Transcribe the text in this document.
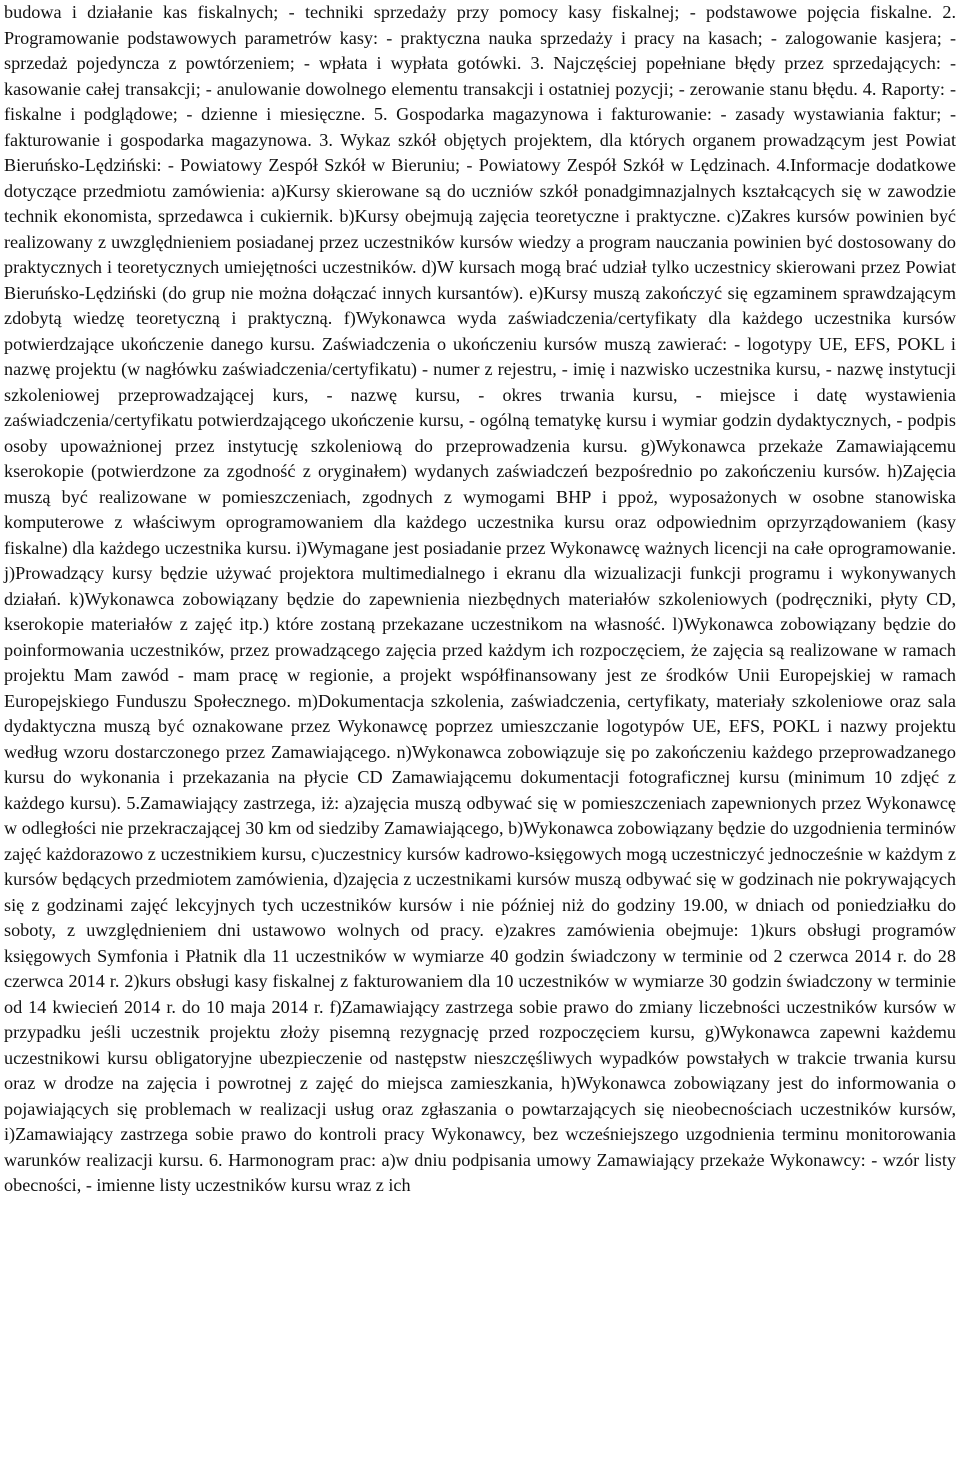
budowa i działanie kas fiskalnych; - techniki sprzedaży przy pomocy kasy fiskalnej; - podstawowe pojęcia fiskalne. 2. Programowanie podstawowych parametrów kasy: - praktyczna nauka sprzedaży i pracy na kasach; - zalogowanie kasjera; - sprzedaż pojedyncza z powtórzeniem; - wpłata i wypłata gotówki. 3. Najczęściej popełniane błędy przez sprzedających: - kasowanie całej transakcji; - anulowanie dowolnego elementu transakcji i ostatniej pozycji; - zerowanie stanu błędu. 4. Raporty: - fiskalne i podglądowe; - dzienne i miesięczne. 5. Gospodarka magazynowa i fakturowanie: - zasady wystawiania faktur; - fakturowanie i gospodarka magazynowa. 3. Wykaz szkół objętych projektem, dla których organem prowadzącym jest Powiat Bieruńsko-Lędziński: - Powiatowy Zespół Szkół w Bieruniu; - Powiatowy Zespół Szkół w Lędzinach. 4.Informacje dodatkowe dotyczące przedmiotu zamówienia: a)Kursy skierowane są do uczniów szkół ponadgimnazjalnych kształcących się w zawodzie technik ekonomista, sprzedawca i cukiernik. b)Kursy obejmują zajęcia teoretyczne i praktyczne. c)Zakres kursów powinien być realizowany z uwzględnieniem posiadanej przez uczestników kursów wiedzy a program nauczania powinien być dostosowany do praktycznych i teoretycznych umiejętności uczestników. d)W kursach mogą brać udział tylko uczestnicy skierowani przez Powiat Bieruńsko-Lędziński (do grup nie można dołączać innych kursantów). e)Kursy muszą zakończyć się egzaminem sprawdzającym zdobytą wiedzę teoretyczną i praktyczną. f)Wykonawca wyda zaświadczenia/certyfikaty dla każdego uczestnika kursów potwierdzające ukończenie danego kursu. Zaświadczenia o ukończeniu kursów muszą zawierać: - logotypy UE, EFS, POKL i nazwę projektu (w nagłówku zaświadczenia/certyfikatu) - numer z rejestru, - imię i nazwisko uczestnika kursu, - nazwę instytucji szkoleniowej przeprowadzającej kurs, - nazwę kursu, - okres trwania kursu, - miejsce i datę wystawienia zaświadczenia/certyfikatu potwierdzającego ukończenie kursu, - ogólną tematykę kursu i wymiar godzin dydaktycznych, - podpis osoby upoważnionej przez instytucję szkoleniową do przeprowadzenia kursu. g)Wykonawca przekaże Zamawiającemu kserokopie (potwierdzone za zgodność z oryginałem) wydanych zaświadczeń bezpośrednio po zakończeniu kursów. h)Zajęcia muszą być realizowane w pomieszczeniach, zgodnych z wymogami BHP i ppoż, wyposażonych w osobne stanowiska komputerowe z właściwym oprogramowaniem dla każdego uczestnika kursu oraz odpowiednim oprzyrządowaniem (kasy fiskalne) dla każdego uczestnika kursu. i)Wymagane jest posiadanie przez Wykonawcę ważnych licencji na całe oprogramowanie. j)Prowadzący kursy będzie używać projektora multimedialnego i ekranu dla wizualizacji funkcji programu i wykonywanych działań. k)Wykonawca zobowiązany będzie do zapewnienia niezbędnych materiałów szkoleniowych (podręczniki, płyty CD, kserokopie materiałów z zajęć itp.) które zostaną przekazane uczestnikom na własność. l)Wykonawca zobowiązany będzie do poinformowania uczestników, przez prowadzącego zajęcia przed każdym ich rozpoczęciem, że zajęcia są realizowane w ramach projektu Mam zawód - mam pracę w regionie, a projekt współfinansowany jest ze środków Unii Europejskiej w ramach Europejskiego Funduszu Społecznego. m)Dokumentacja szkolenia, zaświadczenia, certyfikaty, materiały szkoleniowe oraz sala dydaktyczna muszą być oznakowane przez Wykonawcę poprzez umieszczanie logotypów UE, EFS, POKL i nazwy projektu według wzoru dostarczonego przez Zamawiającego. n)Wykonawca zobowiązuje się po zakończeniu każdego przeprowadzanego kursu do wykonania i przekazania na płycie CD Zamawiającemu dokumentacji fotograficznej kursu (minimum 10 zdjęć z każdego kursu). 5.Zamawiający zastrzega, iż: a)zajęcia muszą odbywać się w pomieszczeniach zapewnionych przez Wykonawcę w odległości nie przekraczającej 30 km od siedziby Zamawiającego, b)Wykonawca zobowiązany będzie do uzgodnienia terminów zajęć każdorazowo z uczestnikiem kursu, c)uczestnicy kursów kadrowo-księgowych mogą uczestniczyć jednocześnie w każdym z kursów będących przedmiotem zamówienia, d)zajęcia z uczestnikami kursów muszą odbywać się w godzinach nie pokrywających się z godzinami zajęć lekcyjnych tych uczestników kursów i nie później niż do godziny 19.00, w dniach od poniedziałku do soboty, z uwzględnieniem dni ustawowo wolnych od pracy. e)zakres zamówienia obejmuje: 1)kurs obsługi programów księgowych Symfonia i Płatnik dla 11 uczestników w wymiarze 40 godzin świadczony w terminie od 2 czerwca 2014 r. do 28 czerwca 2014 r. 2)kurs obsługi kasy fiskalnej z fakturowaniem dla 10 uczestników w wymiarze 30 godzin świadczony w terminie od 14 kwiecień 2014 r. do 10 maja 2014 r. f)Zamawiający zastrzega sobie prawo do zmiany liczebności uczestników kursów w przypadku jeśli uczestnik projektu złoży pisemną rezygnację przed rozpoczęciem kursu, g)Wykonawca zapewni każdemu uczestnikowi kursu obligatoryjne ubezpieczenie od następstw nieszczęśliwych wypadków powstałych w trakcie trwania kursu oraz w drodze na zajęcia i powrotnej z zajęć do miejsca zamieszkania, h)Wykonawca zobowiązany jest do informowania o pojawiających się problemach w realizacji usług oraz zgłaszania o powtarzających się nieobecnościach uczestników kursów, i)Zamawiający zastrzega sobie prawo do kontroli pracy Wykonawcy, bez wcześniejszego uzgodnienia terminu monitorowania warunków realizacji kursu. 6. Harmonogram prac: a)w dniu podpisania umowy Zamawiający przekaże Wykonawcy: - wzór listy obecności, - imienne listy uczestników kursu wraz z ich
